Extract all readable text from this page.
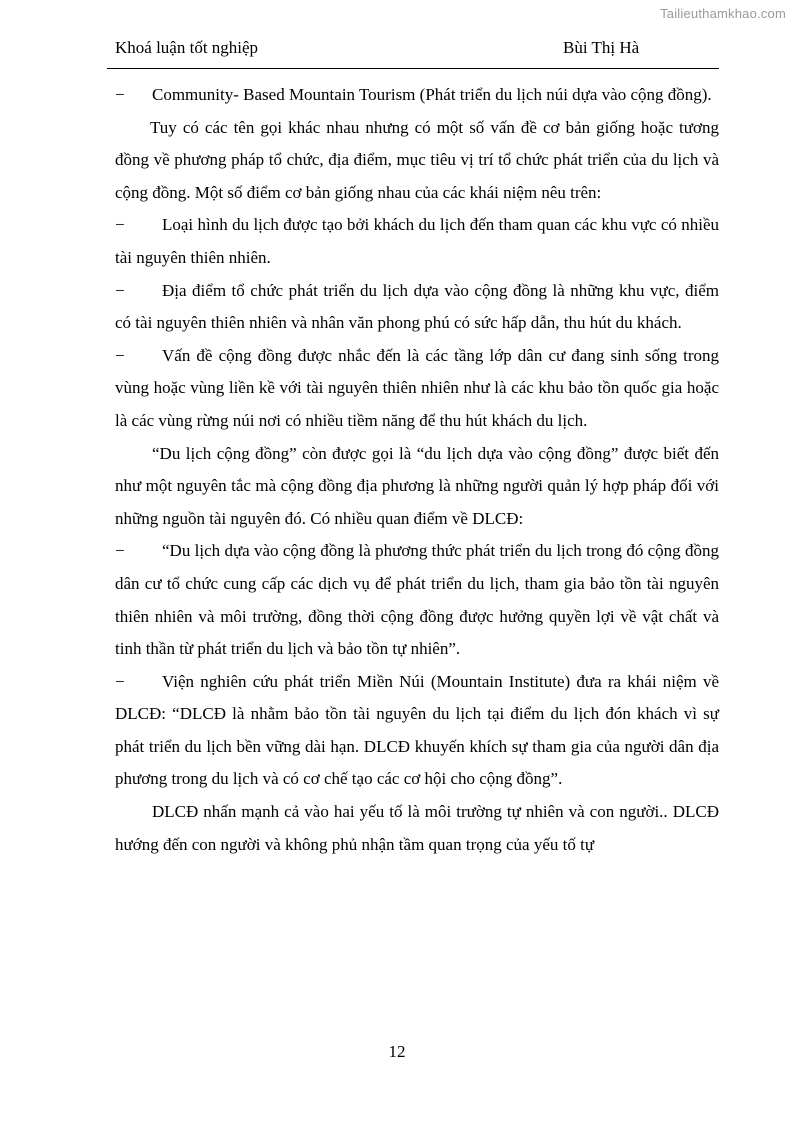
Tailieuthamkhao.com
Khoá luận tốt nghiệp	Bùi Thị Hà

− Community- Based Mountain Tourism (Phát triển du lịch núi dựa vào cộng đồng).

Tuy có các tên gọi khác nhau nhưng có một số vấn đề cơ bản giống hoặc tương đồng về phương pháp tổ chức, địa điểm, mục tiêu vị trí tổ chức phát triển của du lịch và cộng đồng. Một số điểm cơ bản giống nhau của các khái niệm nêu trên:

− Loại hình du lịch được tạo bởi khách du lịch đến tham quan các khu vực có nhiều tài nguyên thiên nhiên.

− Địa điểm tổ chức phát triển du lịch dựa vào cộng đồng là những khu vực, điểm có tài nguyên thiên nhiên và nhân văn phong phú có sức hấp dẫn, thu hút du khách.

− Vấn đề cộng đồng được nhắc đến là các tầng lớp dân cư đang sinh sống trong vùng hoặc vùng liền kề với tài nguyên thiên nhiên như là các khu bảo tồn quốc gia hoặc là các vùng rừng núi nơi có nhiều tiềm năng để thu hút khách du lịch.

“Du lịch cộng đồng” còn được gọi là “du lịch dựa vào cộng đồng” được biết đến như một nguyên tắc mà cộng đồng địa phương là những người quản lý hợp pháp đối với những nguồn tài nguyên đó. Có nhiều quan điểm về DLCĐ:

− “Du lịch dựa vào cộng đồng là phương thức phát triển du lịch trong đó cộng đồng dân cư tổ chức cung cấp các dịch vụ để phát triển du lịch, tham gia bảo tồn tài nguyên thiên nhiên và môi trường, đồng thời cộng đồng được hưởng quyền lợi về vật chất và tinh thần từ phát triển du lịch và bảo tồn tự nhiên”.

− Viện nghiên cứu phát triển Miền Núi (Mountain Institute) đưa ra khái niệm về DLCĐ: “DLCĐ là nhằm bảo tồn tài nguyên du lịch tại điểm du lịch đón khách vì sự phát triển du lịch bền vững dài hạn. DLCĐ khuyến khích sự tham gia của người dân địa phương trong du lịch và có cơ chế tạo các cơ hội cho cộng đồng”.

DLCĐ nhấn mạnh cả vào hai yếu tố là môi trường tự nhiên và con người.. DLCĐ hướng đến con người và không phủ nhận tầm quan trọng của yếu tố tự

12
